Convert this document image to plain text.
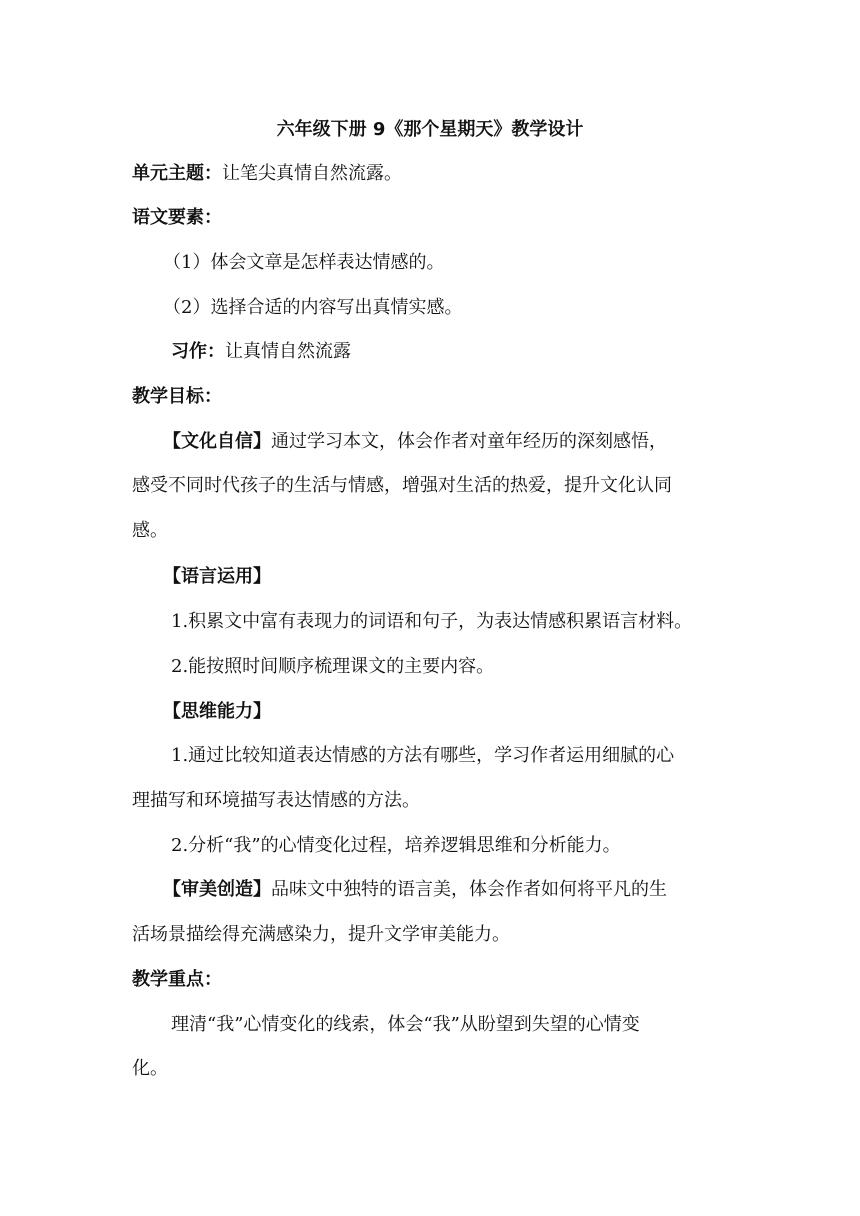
六年级下册 9《那个星期天》教学设计
单元主题：让笔尖真情自然流露。
语文要素：
（1）体会文章是怎样表达情感的。
（2）选择合适的内容写出真情实感。
习作：让真情自然流露
教学目标：
【文化自信】通过学习本文，体会作者对童年经历的深刻感悟，
感受不同时代孩子的生活与情感，增强对生活的热爱，提升文化认同
感。
【语言运用】
1.积累文中富有表现力的词语和句子，为表达情感积累语言材料。
2.能按照时间顺序梳理课文的主要内容。
【思维能力】
1.通过比较知道表达情感的方法有哪些，学习作者运用细腻的心
理描写和环境描写表达情感的方法。
2.分析“我”的心情变化过程，培养逻辑思维和分析能力。
【审美创造】品味文中独特的语言美，体会作者如何将平凡的生
活场景描绘得充满感染力，提升文学审美能力。
教学重点：
理清“我”心情变化的线索，体会“我”从盼望到失望的心情变
化。
